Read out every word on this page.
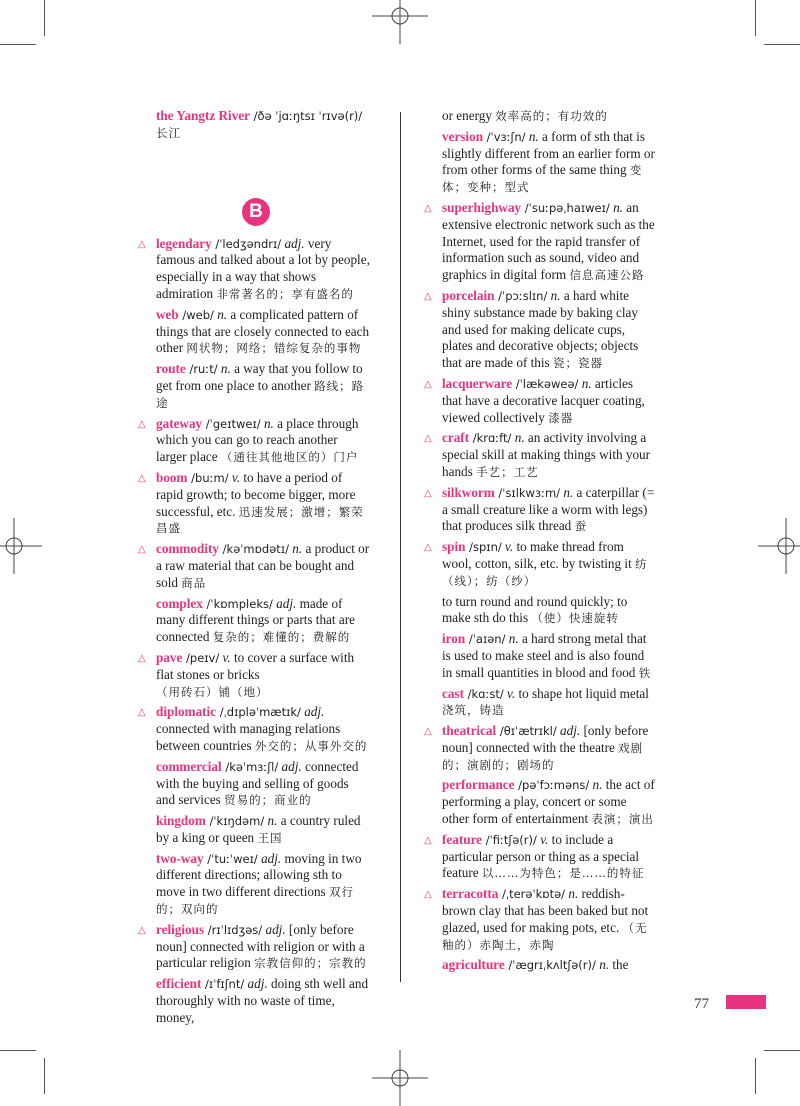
the Yangtz River /ðə ˈjɑːŋtsɪ ˈrɪvə(r)/长江
B
△ legendary /ˈledʒəndrɪ/ adj. very famous and talked about a lot by people, especially in a way that shows admiration 非常著名的；享有盛名的
web /web/ n. a complicated pattern of things that are closely connected to each other 网状物；网络；错综复杂的事物
route /ruːt/ n. a way that you follow to get from one place to another 路线；路途
△ gateway /ˈgeɪtweɪ/ n. a place through which you can go to reach another larger place （通往其他地区的）门户
△ boom /buːm/ v. to have a period of rapid growth; to become bigger, more successful, etc. 迅速发展；激增；繁荣昌盛
△ commodity /kəˈmɒdətɪ/ n. a product or a raw material that can be bought and sold 商品
complex /ˈkɒmpleks/ adj. made of many different things or parts that are connected 复杂的；难懂的；费解的
△ pave /peɪv/ v. to cover a surface with flat stones or bricks （用砖石）铺（地）
△ diplomatic /ˌdɪpləˈmætɪk/ adj. connected with managing relations between countries 外交的；从事外交的
commercial /kəˈmɜːʃl/ adj. connected with the buying and selling of goods and services 贸易的；商业的
kingdom /ˈkɪŋdəm/ n. a country ruled by a king or queen 王国
two-way /ˈtuːˈweɪ/ adj. moving in two different directions; allowing sth to move in two different directions 双行的；双向的
△ religious /rɪˈlɪdʒəs/ adj. [only before noun] connected with religion or with a particular religion 宗教信仰的；宗教的
efficient /ɪˈfɪʃnt/ adj. doing sth well and thoroughly with no waste of time, money,
or energy 效率高的；有功效的
version /ˈvɜːʃn/ n. a form of sth that is slightly different from an earlier form or from other forms of the same thing 变体；变种；型式
△ superhighway /ˈsuːpəˌhaɪweɪ/ n. an extensive electronic network such as the Internet, used for the rapid transfer of information such as sound, video and graphics in digital form 信息高速公路
△ porcelain /ˈpɔːslɪn/ n. a hard white shiny substance made by baking clay and used for making delicate cups, plates and decorative objects; objects that are made of this 瓷；瓷器
△ lacquerware /ˈlækəweə/ n. articles that have a decorative lacquer coating, viewed collectively 漆器
△ craft /krɑːft/ n. an activity involving a special skill at making things with your hands 手艺；工艺
△ silkworm /ˈsɪlkwɜːm/ n. a caterpillar (= a small creature like a worm with legs) that produces silk thread 蚕
△ spin /spɪn/ v. to make thread from wool, cotton, silk, etc. by twisting it 纺（线）；纺（纱）
to turn round and round quickly; to make sth do this （使）快速旋转
iron /ˈaɪən/ n. a hard strong metal that is used to make steel and is also found in small quantities in blood and food 铁
cast /kɑːst/ v. to shape hot liquid metal 浇筑，铸造
△ theatrical /θɪˈætrɪkl/ adj. [only before noun] connected with the theatre 戏剧的；演剧的；剧场的
performance /pəˈfɔːməns/ n. the act of performing a play, concert or some other form of entertainment 表演；演出
△ feature /ˈfiːtʃə(r)/ v. to include a particular person or thing as a special feature 以……为特色；是……的特征
△ terracotta /ˌterəˈkɒtə/ n. reddish-brown clay that has been baked but not glazed, used for making pots, etc. （无釉的）赤陶土，赤陶
agriculture /ˈægrɪˌkʌltʃə(r)/ n. the
77
